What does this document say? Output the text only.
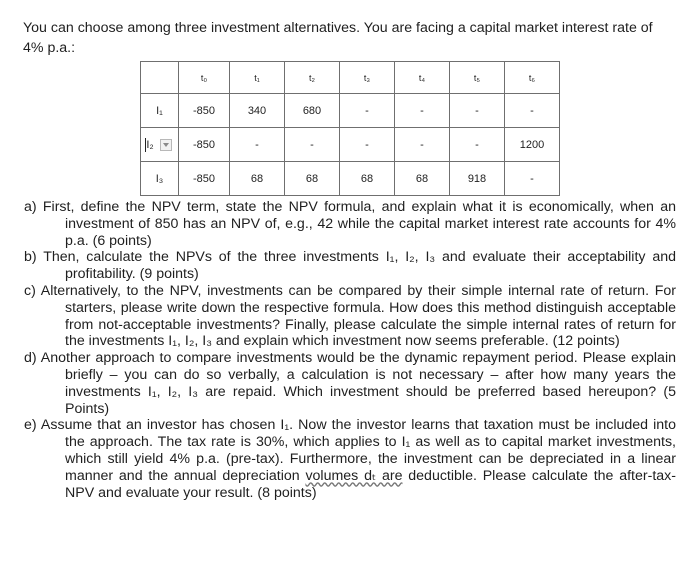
You can choose among three investment alternatives. You are facing a capital market interest rate of 4% p.a.:
	t₀	t₁	t₂	t₃	t₄	t₅	t₆
I₁	-850	340	680	-	-	-	-
I₂	-850	-	-	-	-	-	1200
I₃	-850	68	68	68	68	918	-
a) First, define the NPV term, state the NPV formula, and explain what it is economically, when an investment of 850 has an NPV of, e.g., 42 while the capital market interest rate accounts for 4% p.a. (6 points)
b) Then, calculate the NPVs of the three investments I₁, I₂, I₃ and evaluate their acceptability and profitability. (9 points)
c) Alternatively, to the NPV, investments can be compared by their simple internal rate of return. For starters, please write down the respective formula. How does this method distinguish acceptable from not-acceptable investments? Finally, please calculate the simple internal rates of return for the investments I₁, I₂, I₃ and explain which investment now seems preferable. (12 points)
d) Another approach to compare investments would be the dynamic repayment period. Please explain briefly – you can do so verbally, a calculation is not necessary – after how many years the investments I₁, I₂, I₃ are repaid. Which investment should be preferred based hereupon? (5 Points)
e) Assume that an investor has chosen I₁. Now the investor learns that taxation must be included into the approach. The tax rate is 30%, which applies to I₁ as well as to capital market investments, which still yield 4% p.a. (pre-tax). Furthermore, the investment can be depreciated in a linear manner and the annual depreciation volumes dₜ are deductible. Please calculate the after-tax-NPV and evaluate your result. (8 points)
